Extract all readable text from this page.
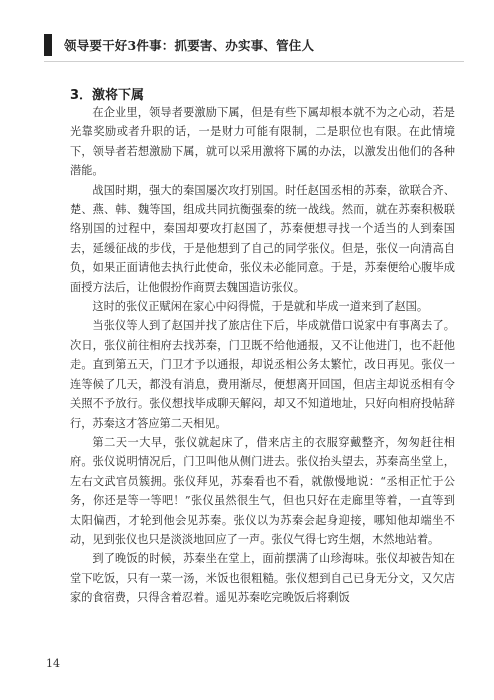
领导要干好3件事：抓要害、办实事、管住人
3．激将下属

在企业里，领导者要激励下属，但是有些下属却根本就不为之心动，若是光靠奖励或者升职的话，一是财力可能有限制，二是职位也有限。在此情境下，领导者若想激励下属，就可以采用激将下属的办法，以激发出他们的各种潜能。

战国时期，强大的秦国屡次攻打别国。时任赵国丞相的苏秦，欲联合齐、楚、燕、韩、魏等国，组成共同抗衡强秦的统一战线。然而，就在苏秦积极联络别国的过程中，秦国却要攻打赵国了，苏秦便想寻找一个适当的人到秦国去，延缓征战的步伐，于是他想到了自己的同学张仪。但是，张仪一向清高自负，如果正面请他去执行此使命，张仪未必能同意。于是，苏秦便给心腹毕成面授方法后，让他假扮作商贾去魏国造访张仪。

这时的张仪正赋闲在家心中闷得慌，于是就和毕成一道来到了赵国。

当张仪等人到了赵国并找了旅店住下后，毕成就借口说家中有事离去了。次日，张仪前往相府去找苏秦，门卫既不给他通报，又不让他进门，也不赶他走。直到第五天，门卫才予以通报，却说丞相公务太繁忙，改日再见。张仪一连等候了几天，都没有消息，费用渐尽，便想离开回国，但店主却说丞相有令关照不予放行。张仪想找毕成聊天解闷，却又不知道地址，只好向相府投帖辞行，苏秦这才答应第二天相见。

第二天一大早，张仪就起床了，借来店主的衣服穿戴整齐，匆匆赶往相府。张仪说明情况后，门卫叫他从侧门进去。张仪抬头望去，苏秦高坐堂上，左右文武官员簇拥。张仪拜见，苏秦看也不看，就傲慢地说：“丞相正忙于公务，你还是等一等吧！”张仪虽然很生气，但也只好在走廊里等着，一直等到太阳偏西，才轮到他会见苏秦。张仪以为苏秦会起身迎接，哪知他却端坐不动，见到张仪也只是淡淡地回应了一声。张仪气得七窍生烟，木然地站着。

到了晚饭的时候，苏秦坐在堂上，面前摆满了山珍海味。张仪却被告知在堂下吃饭，只有一菜一汤，米饭也很粗糙。张仪想到自己已身无分文，又欠店家的食宿费，只得含着忍着。遥见苏秦吃完晚饭后将剩饭

14
